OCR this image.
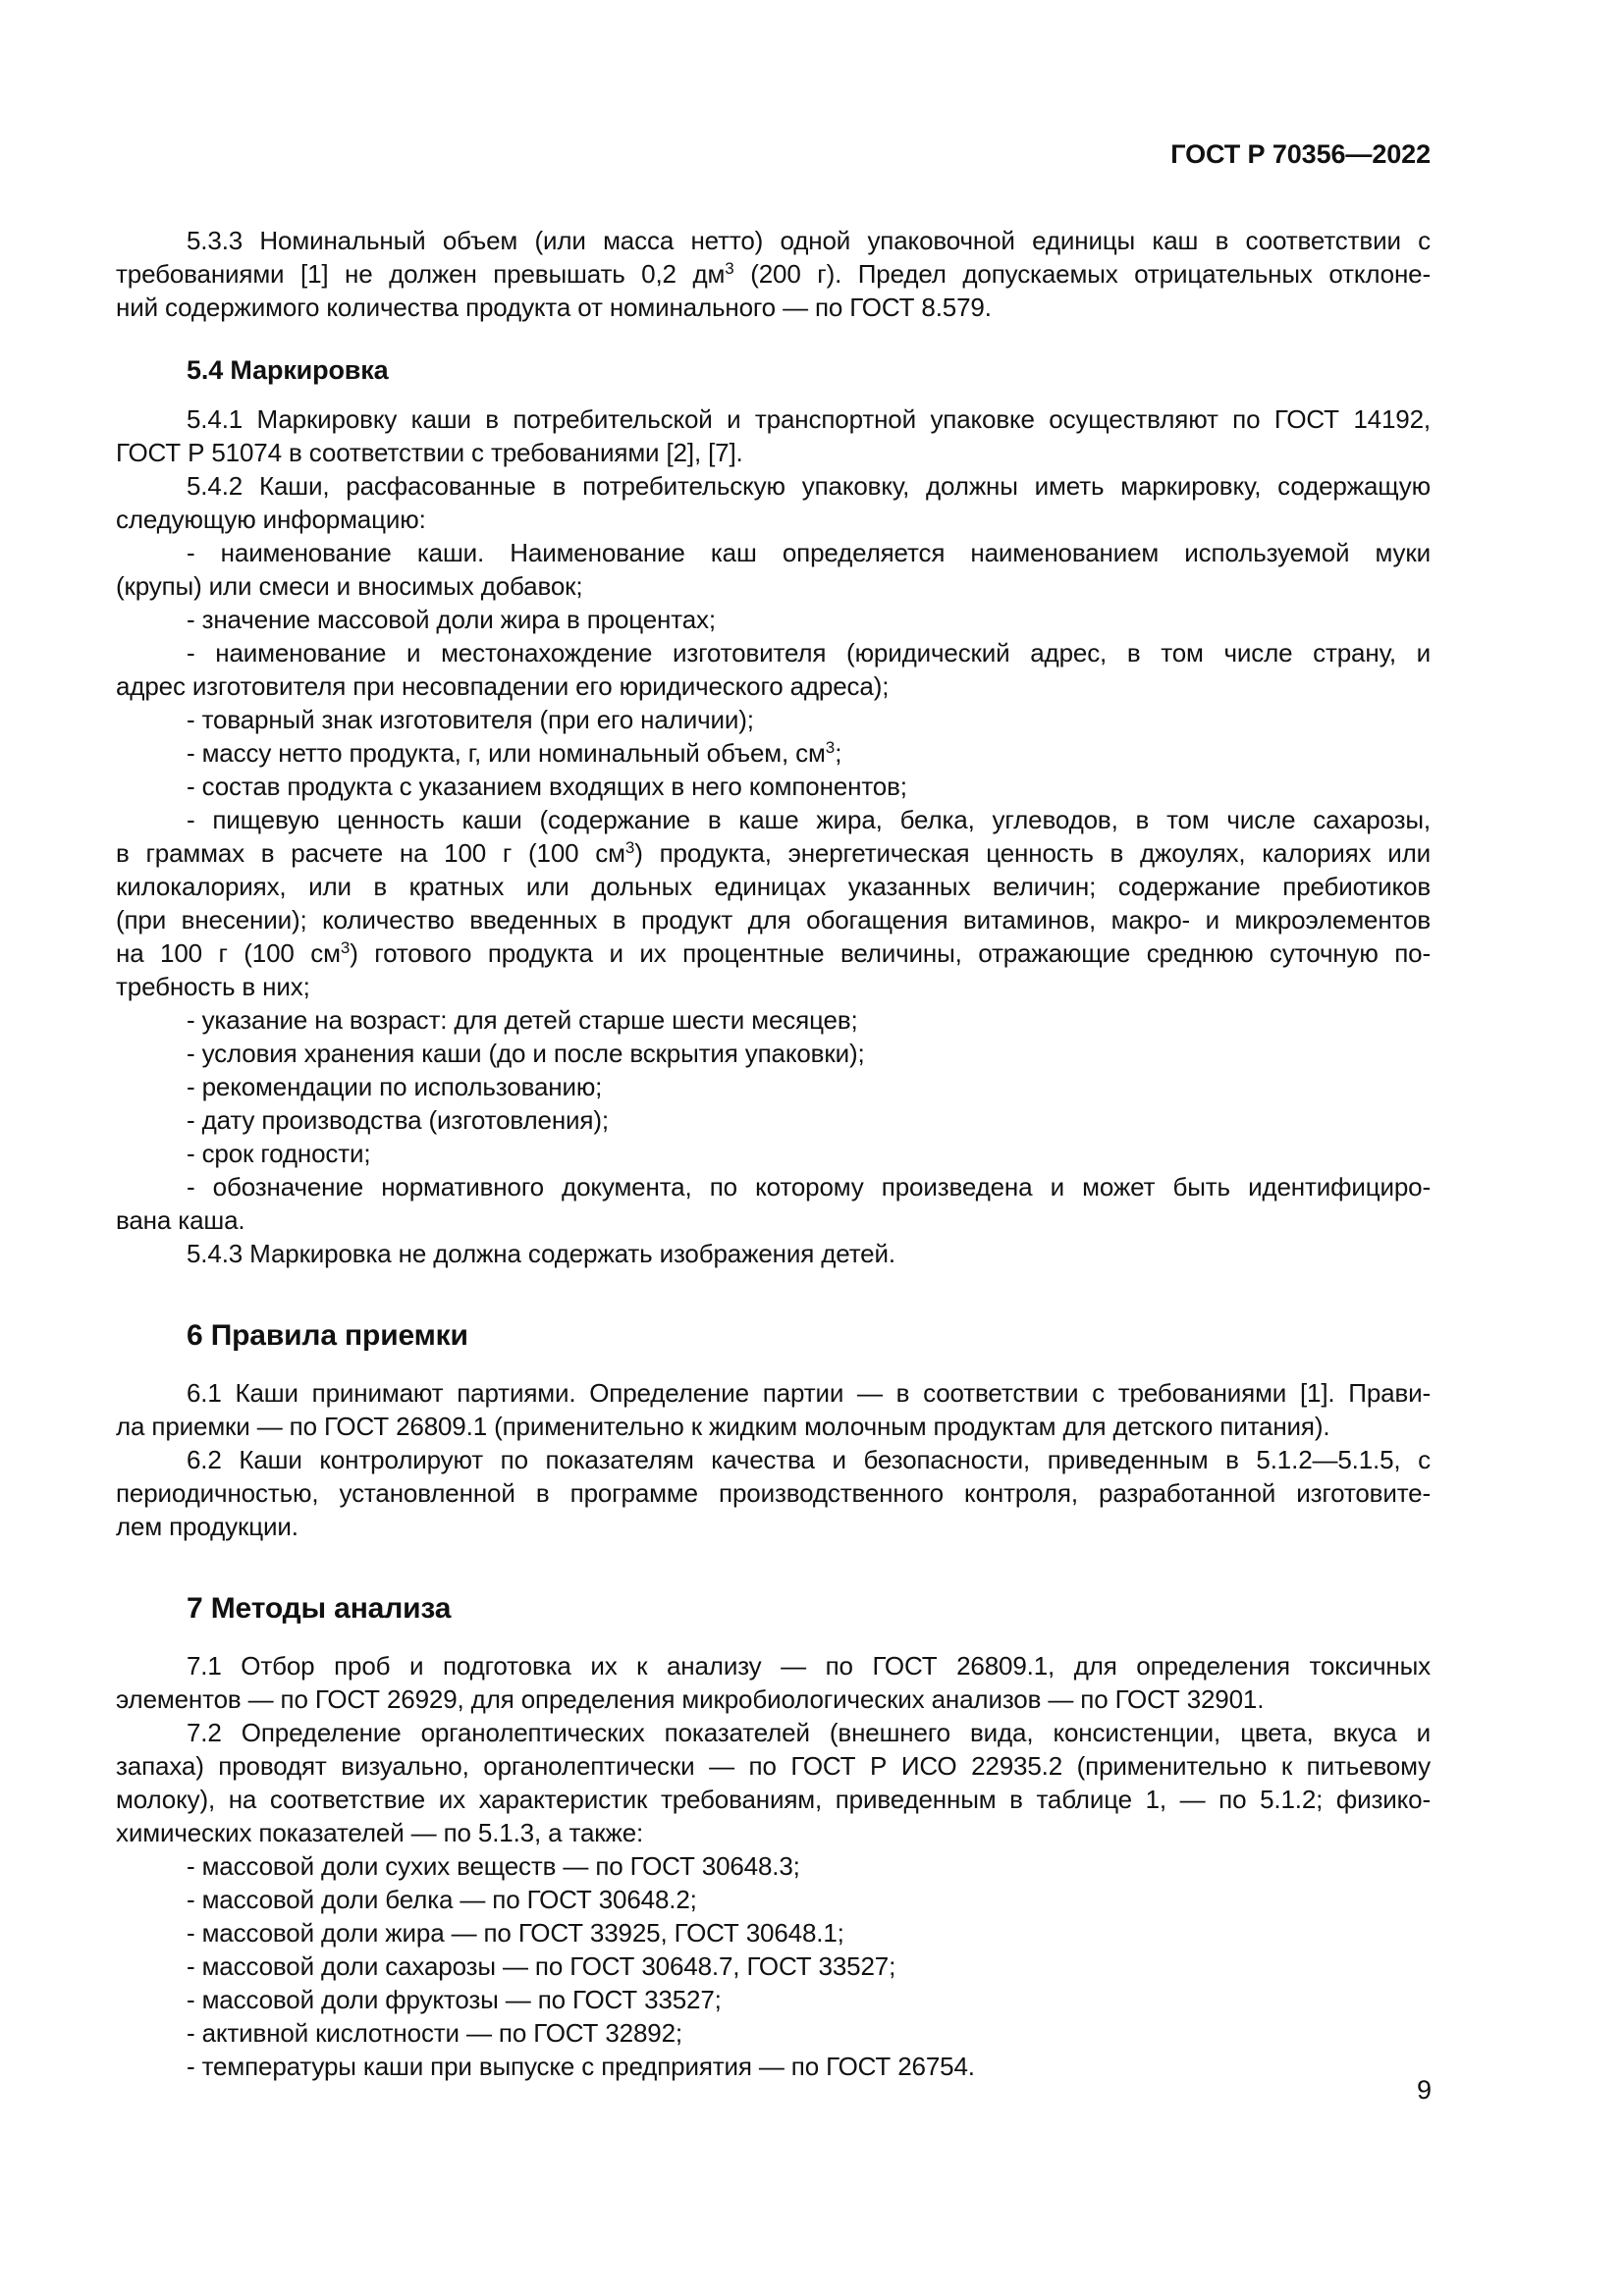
ГОСТ Р 70356—2022
5.3.3 Номинальный объем (или масса нетто) одной упаковочной единицы каш в соответствии с
требованиями [1] не должен превышать 0,2 $дм^3$ (200 г). Предел допускаемых отрицательных отклоне-
ний содержимого количества продукта от номинального — по ГОСТ 8.579.
5.4 Маркировка
5.4.1 Маркировку каши в потребительской и транспортной упаковке осуществляют по ГОСТ 14192,
ГОСТ Р 51074 в соответствии с требованиями [2], [7].
5.4.2 Каши, расфасованные в потребительскую упаковку, должны иметь маркировку, содержащую
следующую информацию:
- наименование каши. Наименование каш определяется наименованием используемой муки
(крупы) или смеси и вносимых добавок;
- значение массовой доли жира в процентах;
- наименование и местонахождение изготовителя (юридический адрес, в том числе страну, и
адрес изготовителя при несовпадении его юридического адреса);
- товарный знак изготовителя (при его наличии);
- массу нетто продукта, г, или номинальный объем, $см^3$;
- состав продукта с указанием входящих в него компонентов;
- пищевую ценность каши (содержание в каше жира, белка, углеводов, в том числе сахарозы,
в граммах в расчете на 100 г (100 $см^3$) продукта, энергетическая ценность в джоулях, калориях или
килокалориях, или в кратных или дольных единицах указанных величин; содержание пребиотиков
(при внесении); количество введенных в продукт для обогащения витаминов, макро- и микроэлементов
на 100 г (100 $см^3$) готового продукта и их процентные величины, отражающие среднюю суточную по-
требность в них;
- указание на возраст: для детей старше шести месяцев;
- условия хранения каши (до и после вскрытия упаковки);
- рекомендации по использованию;
- дату производства (изготовления);
- срок годности;
- обозначение нормативного документа, по которому произведена и может быть идентифициро-
вана каша.
5.4.3 Маркировка не должна содержать изображения детей.
6 Правила приемки
6.1 Каши принимают партиями. Определение партии — в соответствии с требованиями [1]. Прави-
ла приемки — по ГОСТ 26809.1 (применительно к жидким молочным продуктам для детского питания).
6.2 Каши контролируют по показателям качества и безопасности, приведенным в 5.1.2—5.1.5, с
периодичностью, установленной в программе производственного контроля, разработанной изготовите-
лем продукции.
7 Методы анализа
7.1 Отбор проб и подготовка их к анализу — по ГОСТ 26809.1, для определения токсичных
элементов — по ГОСТ 26929, для определения микробиологических анализов — по ГОСТ 32901.
7.2 Определение органолептических показателей (внешнего вида, консистенции, цвета, вкуса и
запаха) проводят визуально, органолептически — по ГОСТ Р ИСО 22935.2 (применительно к питьевому
молоку), на соответствие их характеристик требованиям, приведенным в таблице 1, — по 5.1.2; физико-
химических показателей — по 5.1.3, а также:
- массовой доли сухих веществ — по ГОСТ 30648.3;
- массовой доли белка — по ГОСТ 30648.2;
- массовой доли жира — по ГОСТ 33925, ГОСТ 30648.1;
- массовой доли сахарозы — по ГОСТ 30648.7, ГОСТ 33527;
- массовой доли фруктозы — по ГОСТ 33527;
- активной кислотности — по ГОСТ 32892;
- температуры каши при выпуске с предприятия — по ГОСТ 26754.
9
